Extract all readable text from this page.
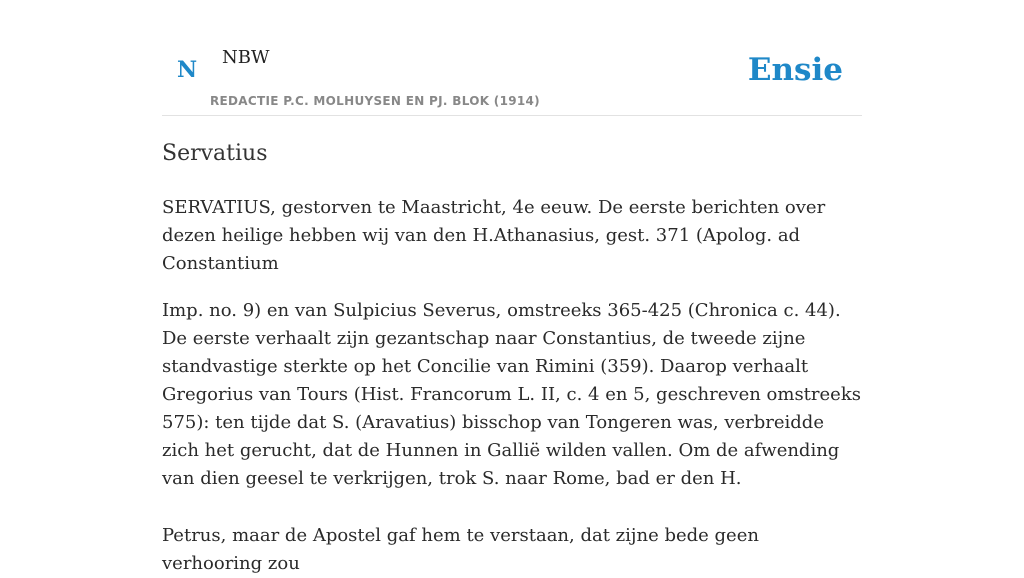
N NBW
REDACTIE P.C. MOLHUYSEN EN PJ. BLOK (1914)
Ensie
Servatius

SERVATIUS, gestorven te Maastricht, 4e eeuw. De eerste berichten over dezen heilige hebben wij van den H.Athanasius, gest. 371 (Apolog. ad Constantium

Imp. no. 9) en van Sulpicius Severus, omstreeks 365-425 (Chronica c. 44). De eerste verhaalt zijn gezantschap naar Constantius, de tweede zijne standvastige sterkte op het Concilie van Rimini (359). Daarop verhaalt Gregorius van Tours (Hist. Francorum L. II, c. 4 en 5, geschreven omstreeks 575): ten tijde dat S. (Aravatius) bisschop van Tongeren was, verbreidde zich het gerucht, dat de Hunnen in Gallië wilden vallen. Om de afwending van dien geesel te verkrijgen, trok S. naar Rome, bad er den H.

Petrus, maar de Apostel gaf hem te verstaan, dat zijne bede geen verhooring zou
